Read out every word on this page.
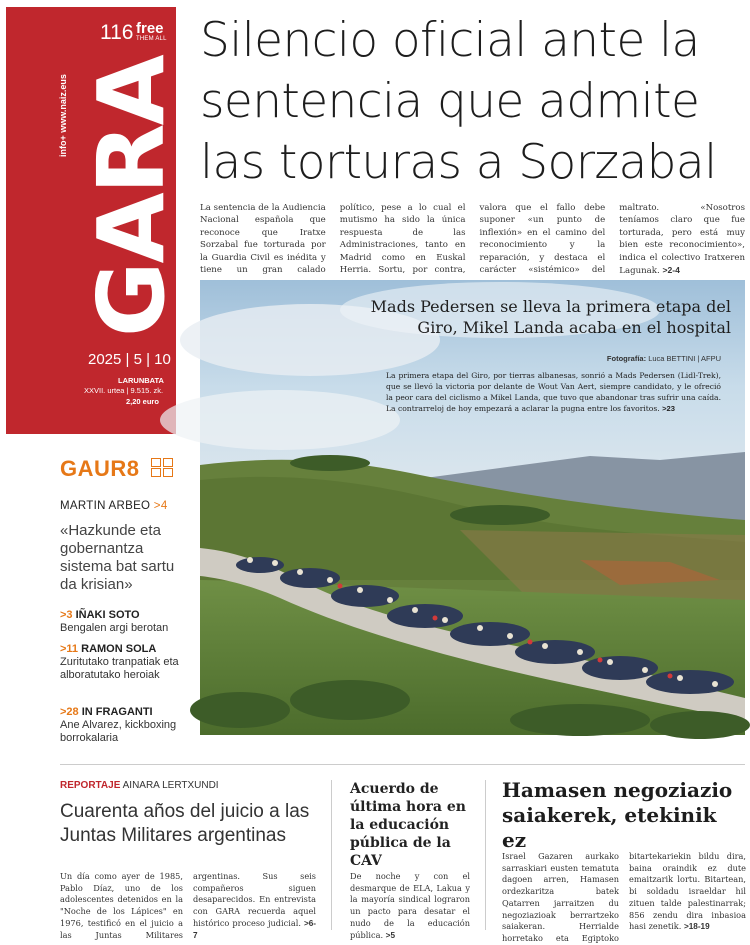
116 free
THEM ALL
info+ www.naiz.eus GARA
2025 | 5 | 10
LARUNBATA
XXVII. urtea | 9.515. zk.
2,20 euro
Silencio oficial ante la sentencia que admite las torturas a Sorzabal
La sentencia de la Audiencia Nacional española que reconoce que Iratxe Sorzabal fue torturada por la Guardia Civil es inédita y tiene un gran calado político, pese a lo cual el mutismo ha sido la única respuesta de las Administraciones, tanto en Madrid como en Euskal Herria. Sortu, por contra, valora que el fallo debe suponer «un punto de inflexión» en el camino del reconocimiento y la reparación, y destaca el carácter «sistémico» del maltrato. «Nosotros teníamos claro que fue torturada, pero está muy bien este reconocimiento», indica el colectivo Iratxeren Lagunak. >2-4
Mads Pedersen se lleva la primera etapa del Giro, Mikel Landa acaba en el hospital
Fotografía: Luca BETTINI | AFPU
La primera etapa del Giro, por tierras albanesas, sonrió a Mads Pedersen (Lidl-Trek), que se llevó la victoria por delante de Wout Van Aert, siempre candidato, y le ofreció la peor cara del ciclismo a Mikel Landa, que tuvo que abandonar tras sufrir una caída. La contrarreloj de hoy empezará a aclarar la pugna entre los favoritos. >23
GAUR8
MARTIN ARBEO >4
«Hazkunde eta gobernantza sistema bat sartu da krisian»
>3 IÑAKI SOTO
Bengalen argi berotan
>11 RAMON SOLA
Zuritutako tranpatiak eta alboratutako heroiak
>28 IN FRAGANTI
Ane Alvarez, kickboxing borrokalaria
REPORTAJE AINARA LERTXUNDI
Cuarenta años del juicio a las Juntas Militares argentinas
Un día como ayer de 1985, Pablo Díaz, uno de los adolescentes detenidos en la "Noche de los Lápices" en 1976, testificó en el juicio a las Juntas Militares argentinas. Sus seis compañeros siguen desaparecidos. En entrevista con GARA recuerda aquel histórico proceso judicial. >6-7
Acuerdo de última hora en la educación pública de la CAV
De noche y con el desmarque de ELA, Lakua y la mayoría sindical lograron un pacto para desatar el nudo de la educación pública. >5
Hamasen negoziazio saiakerek, etekinik ez
Israel Gazaren aurkako sarraskiari eusten tematuta dagoen arren, Hamasen ordezkaritza batek Qatarren jarraitzen du negoziazioak berrartzeko saiakeran. Herrialde horretako eta Egiptoko bitartekariekin bildu dira, baina oraindik ez dute emaitzarik lortu. Bitartean, bi soldadu israeldar hil zituen talde palestinarrak; 856 zendu dira inbasioa hasi zenetik. >18-19
